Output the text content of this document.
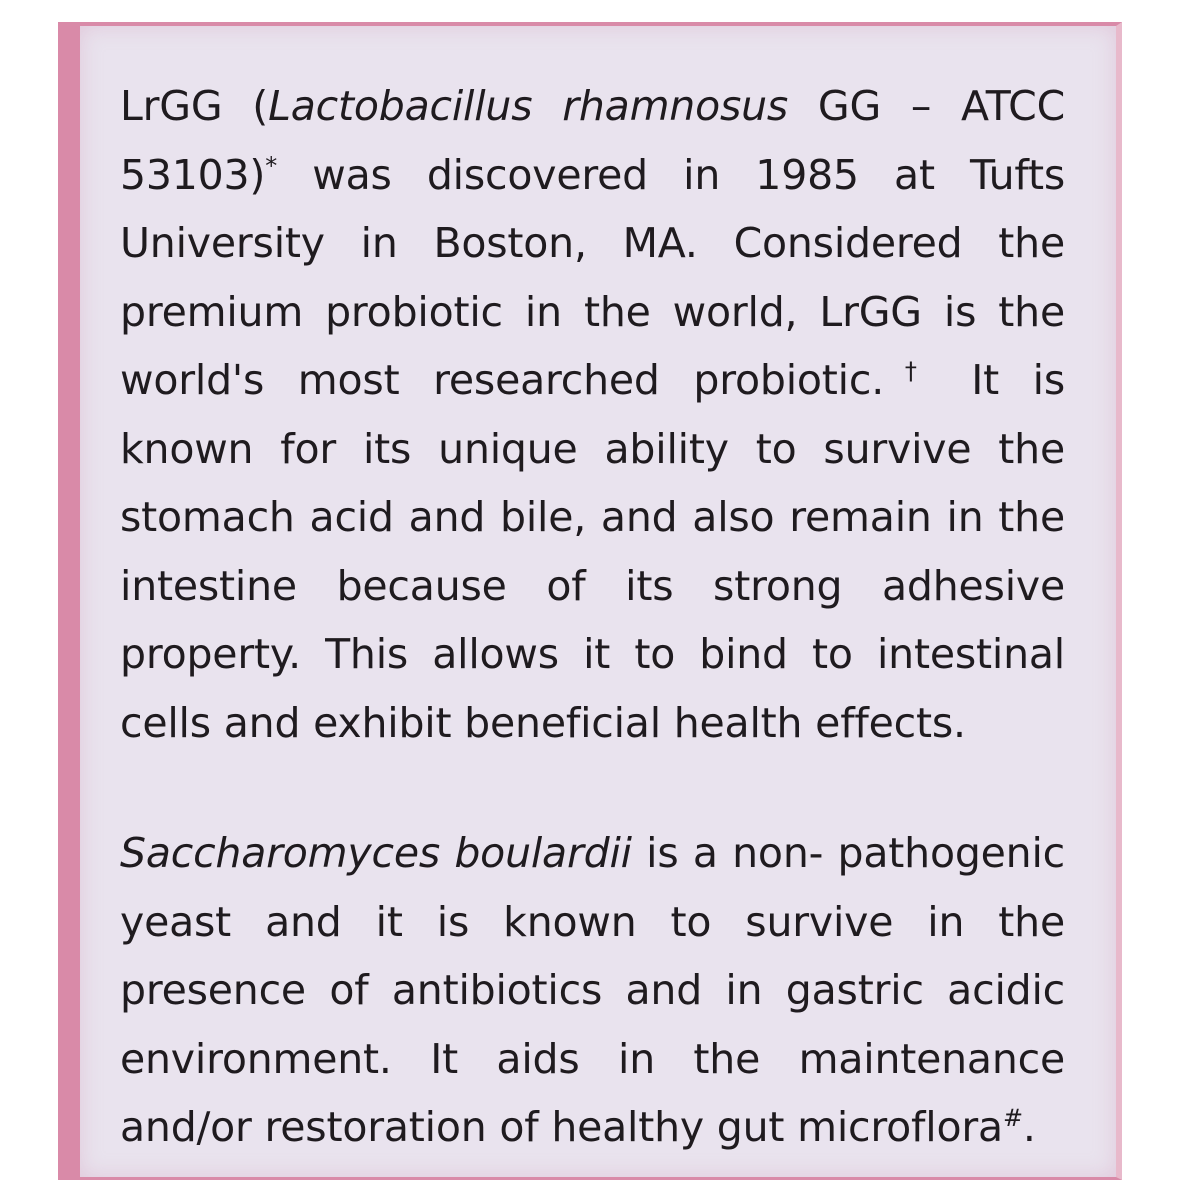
LrGG (Lactobacillus rhamnosus GG – ATCC 53103)* was discovered in 1985 at Tufts University in Boston, MA. Considered the premium probiotic in the world, LrGG is the world's most researched probiotic.† It is known for its unique ability to survive the stomach acid and bile, and also remain in the intestine because of its strong adhesive property. This allows it to bind to intestinal cells and exhibit beneficial health effects.

Saccharomyces boulardii is a non- pathogenic yeast and it is known to survive in the presence of antibiotics and in gastric acidic environment. It aids in the maintenance and/or restoration of healthy gut microflora#.
